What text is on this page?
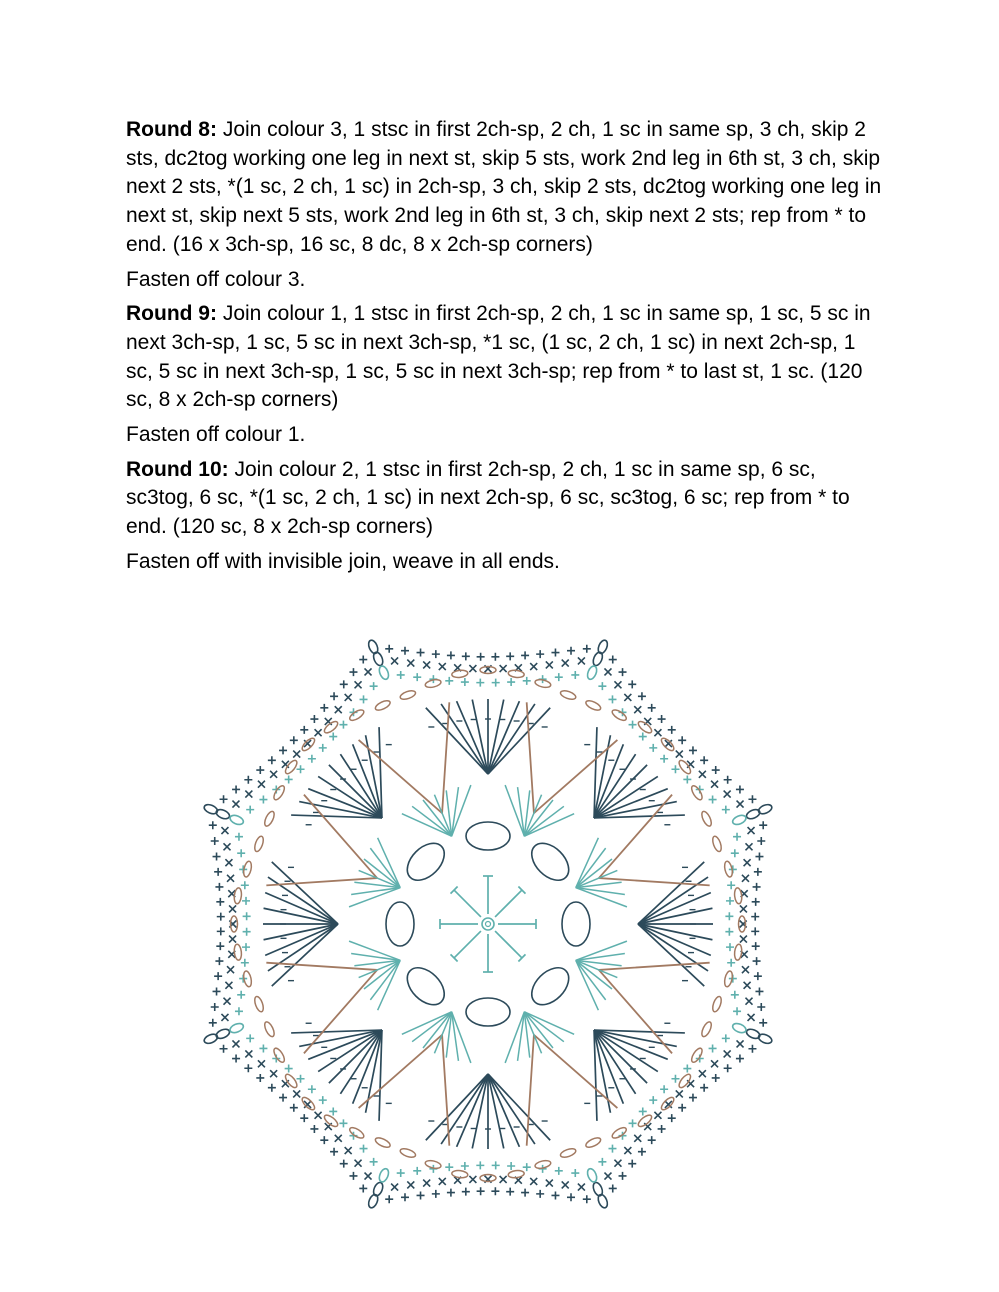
Round 8: Join colour 3, 1 stsc in first 2ch-sp, 2 ch, 1 sc in same sp, 3 ch, skip 2 sts, dc2tog working one leg in next st, skip 5 sts, work 2nd leg in 6th st, 3 ch, skip next 2 sts, *(1 sc, 2 ch, 1 sc) in 2ch-sp, 3 ch, skip 2 sts, dc2tog working one leg in next st, skip next 5 sts, work 2nd leg in 6th st, 3 ch, skip next 2 sts; rep from * to end. (16 x 3ch-sp, 16 sc, 8 dc, 8 x 2ch-sp corners)

Fasten off colour 3.

Round 9: Join colour 1, 1 stsc in first 2ch-sp, 2 ch, 1 sc in same sp, 1 sc, 5 sc in next 3ch-sp, 1 sc, 5 sc in next 3ch-sp, *1 sc, (1 sc, 2 ch, 1 sc) in next 2ch-sp, 1 sc, 5 sc in next 3ch-sp, 1 sc, 5 sc in next 3ch-sp; rep from * to last st, 1 sc. (120 sc, 8 x 2ch-sp corners)

Fasten off colour 1.

Round 10: Join colour 2, 1 stsc in first 2ch-sp, 2 ch, 1 sc in same sp, 6 sc, sc3tog, 6 sc, *(1 sc, 2 ch, 1 sc) in next 2ch-sp, 6 sc, sc3tog, 6 sc; rep from * to end. (120 sc, 8 x 2ch-sp corners)

Fasten off with invisible join, weave in all ends.
